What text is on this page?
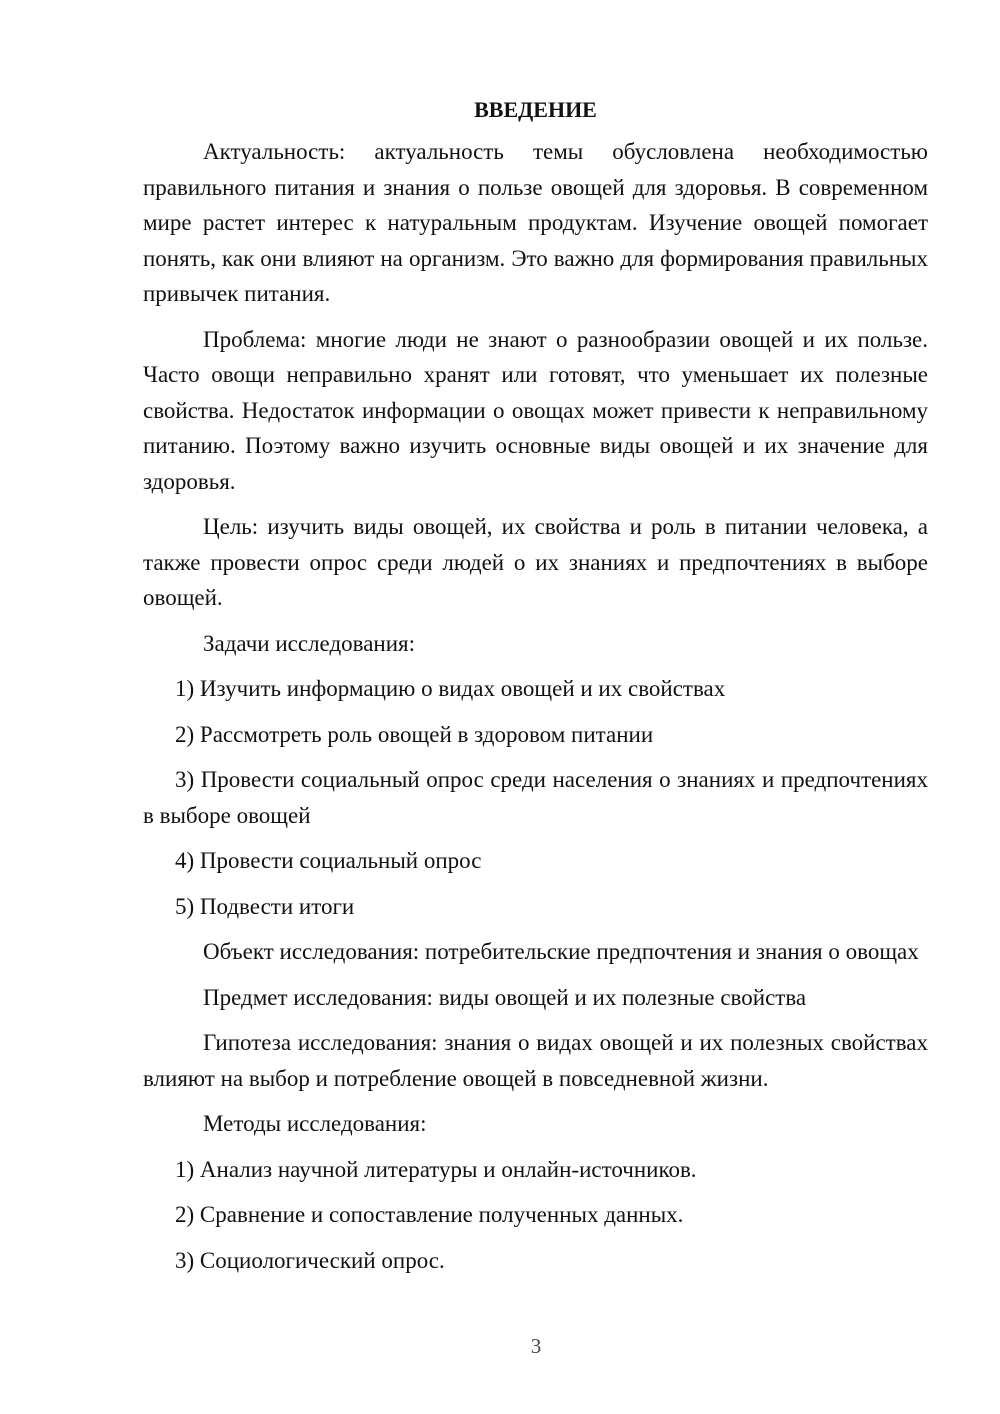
ВВЕДЕНИЕ

Актуальность: актуальность темы обусловлена необходимостью правильного питания и знания о пользе овощей для здоровья. В современном мире растет интерес к натуральным продуктам. Изучение овощей помогает понять, как они влияют на организм. Это важно для формирования правильных привычек питания.

Проблема: многие люди не знают о разнообразии овощей и их пользе. Часто овощи неправильно хранят или готовят, что уменьшает их полезные свойства. Недостаток информации о овощах может привести к неправильному питанию. Поэтому важно изучить основные виды овощей и их значение для здоровья.

Цель: изучить виды овощей, их свойства и роль в питании человека, а также провести опрос среди людей о их знаниях и предпочтениях в выборе овощей.

Задачи исследования:

1) Изучить информацию о видах овощей и их свойствах

2) Рассмотреть роль овощей в здоровом питании

3) Провести социальный опрос среди населения о знаниях и предпочтениях в выборе овощей

4) Провести социальный опрос

5) Подвести итоги

Объект исследования: потребительские предпочтения и знания о овощах

Предмет исследования: виды овощей и их полезные свойства

Гипотеза исследования: знания о видах овощей и их полезных свойствах влияют на выбор и потребление овощей в повседневной жизни.

Методы исследования:

1) Анализ научной литературы и онлайн-источников.

2) Сравнение и сопоставление полученных данных.

3) Социологический опрос.

3
